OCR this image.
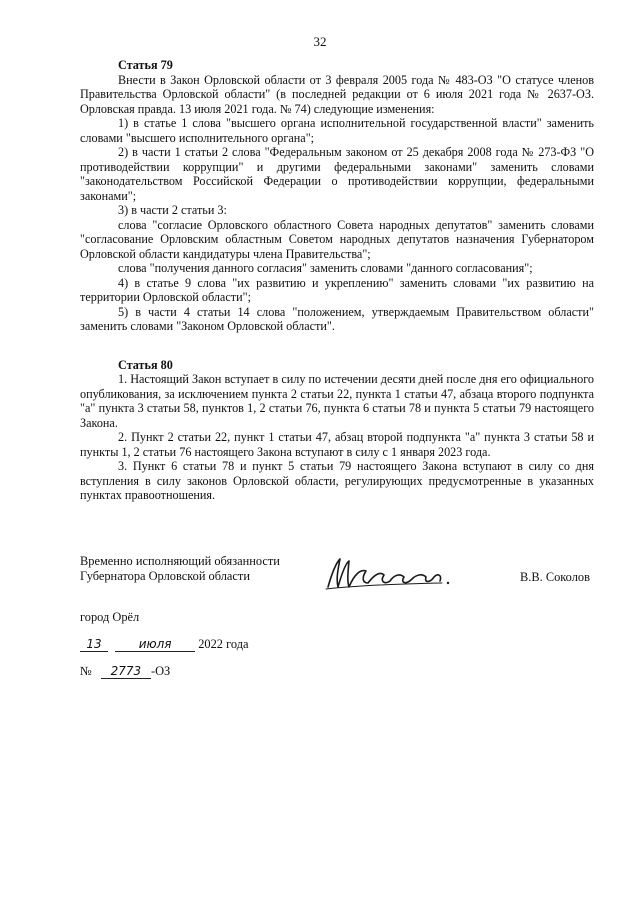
32

Статья 79

Внести в Закон Орловской области от 3 февраля 2005 года № 483-ОЗ "О статусе членов Правительства Орловской области" (в последней редакции от 6 июля 2021 года № 2637-ОЗ. Орловская правда. 13 июля 2021 года. № 74) следующие изменения:

1) в статье 1 слова "высшего органа исполнительной государственной власти" заменить словами "высшего исполнительного органа";

2) в части 1 статьи 2 слова "Федеральным законом от 25 декабря 2008 года № 273-ФЗ "О противодействии коррупции" и другими федеральными законами" заменить словами "законодательством Российской Федерации о противодействии коррупции, федеральными законами";

3) в части 2 статьи 3:

слова "согласие Орловского областного Совета народных депутатов" заменить словами "согласование Орловским областным Советом народных депутатов назначения Губернатором Орловской области кандидатуры члена Правительства";

слова "получения данного согласия" заменить словами "данного согласования";

4) в статье 9 слова "их развитию и укреплению" заменить словами "их развитию на территории Орловской области";

5) в части 4 статьи 14 слова "положением, утверждаемым Правительством области" заменить словами "Законом Орловской области".

Статья 80

1. Настоящий Закон вступает в силу по истечении десяти дней после дня его официального опубликования, за исключением пункта 2 статьи 22, пункта 1 статьи 47, абзаца второго подпункта "а" пункта 3 статьи 58, пунктов 1, 2 статьи 76, пункта 6 статьи 78 и пункта 5 статьи 79 настоящего Закона.

2. Пункт 2 статьи 22, пункт 1 статьи 47, абзац второй подпункта "а" пункта 3 статьи 58 и пункты 1, 2 статьи 76 настоящего Закона вступают в силу с 1 января 2023 года.

3. Пункт 6 статьи 78 и пункт 5 статьи 79 настоящего Закона вступают в силу со дня вступления в силу законов Орловской области, регулирующих предусмотренные в указанных пунктах правоотношения.

Временно исполняющий обязанности
Губернатора Орловской области	В.В. Соколов
город Орёл
13	июля 2022 года
№ 2773 -ОЗ
